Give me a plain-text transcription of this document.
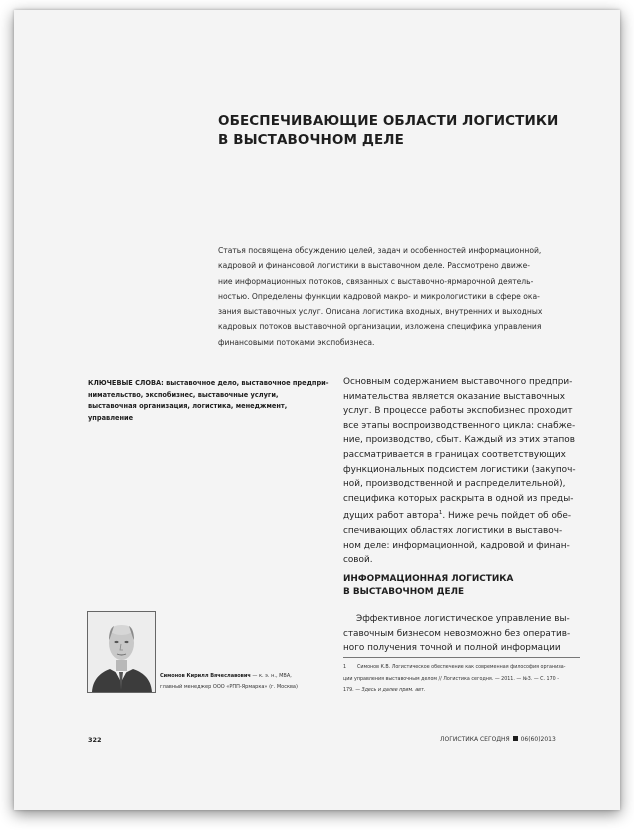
ОБЕСПЕЧИВАЮЩИЕ ОБЛАСТИ ЛОГИСТИКИ
В ВЫСТАВОЧНОМ ДЕЛЕ
Статья посвящена обсуждению целей, задач и особенностей информационной,
кадровой и финансовой логистики в выставочном деле. Рассмотрено движе-
ние информационных потоков, связанных с выставочно-ярмарочной деятель-
ностью. Определены функции кадровой макро- и микрологистики в сфере ока-
зания выставочных услуг. Описана логистика входных, внутренних и выходных
кадровых потоков выставочной организации, изложена специфика управления
финансовыми потоками экспобизнеса.
КЛЮЧЕВЫЕ СЛОВА: выставочное дело, выставочное предпри-
нимательство, экспобизнес, выставочные услуги,
выставочная организация, логистика, менеджмент,
управление
Основным содержанием выставочного предпри-
нимательства является оказание выставочных
услуг. В процессе работы экспобизнес проходит
все этапы воспроизводственного цикла: снабже-
ние, производство, сбыт. Каждый из этих этапов
рассматривается в границах соответствующих
функциональных подсистем логистики (закупоч-
ной, производственной и распределительной),
специфика которых раскрыта в одной из преды-
дущих работ автора$^1$. Ниже речь пойдет об обе-
спечивающих областях логистики в выставоч-
ном деле: информационной, кадровой и финан-
совой.
ИНФОРМАЦИОННАЯ ЛОГИСТИКА
В ВЫСТАВОЧНОМ ДЕЛЕ
Эффективное логистическое управление вы-
ставочным бизнесом невозможно без оператив-
ного получения точной и полной информации
1 Симонов К.В. Логистическое обеспечение как современная философия организа-
ции управления выставочным делом // Логистика сегодня. — 2011. — №3. — С. 170 -
179. — Здесь и далее прим. авт.
Симонов Кирилл Вячеславович — к. э. н., MBA,
главный менеджер ООО «РПП-Ярмарка» (г. Москва)
322	ЛОГИСТИКА СЕГОДНЯ 06(60)2013
